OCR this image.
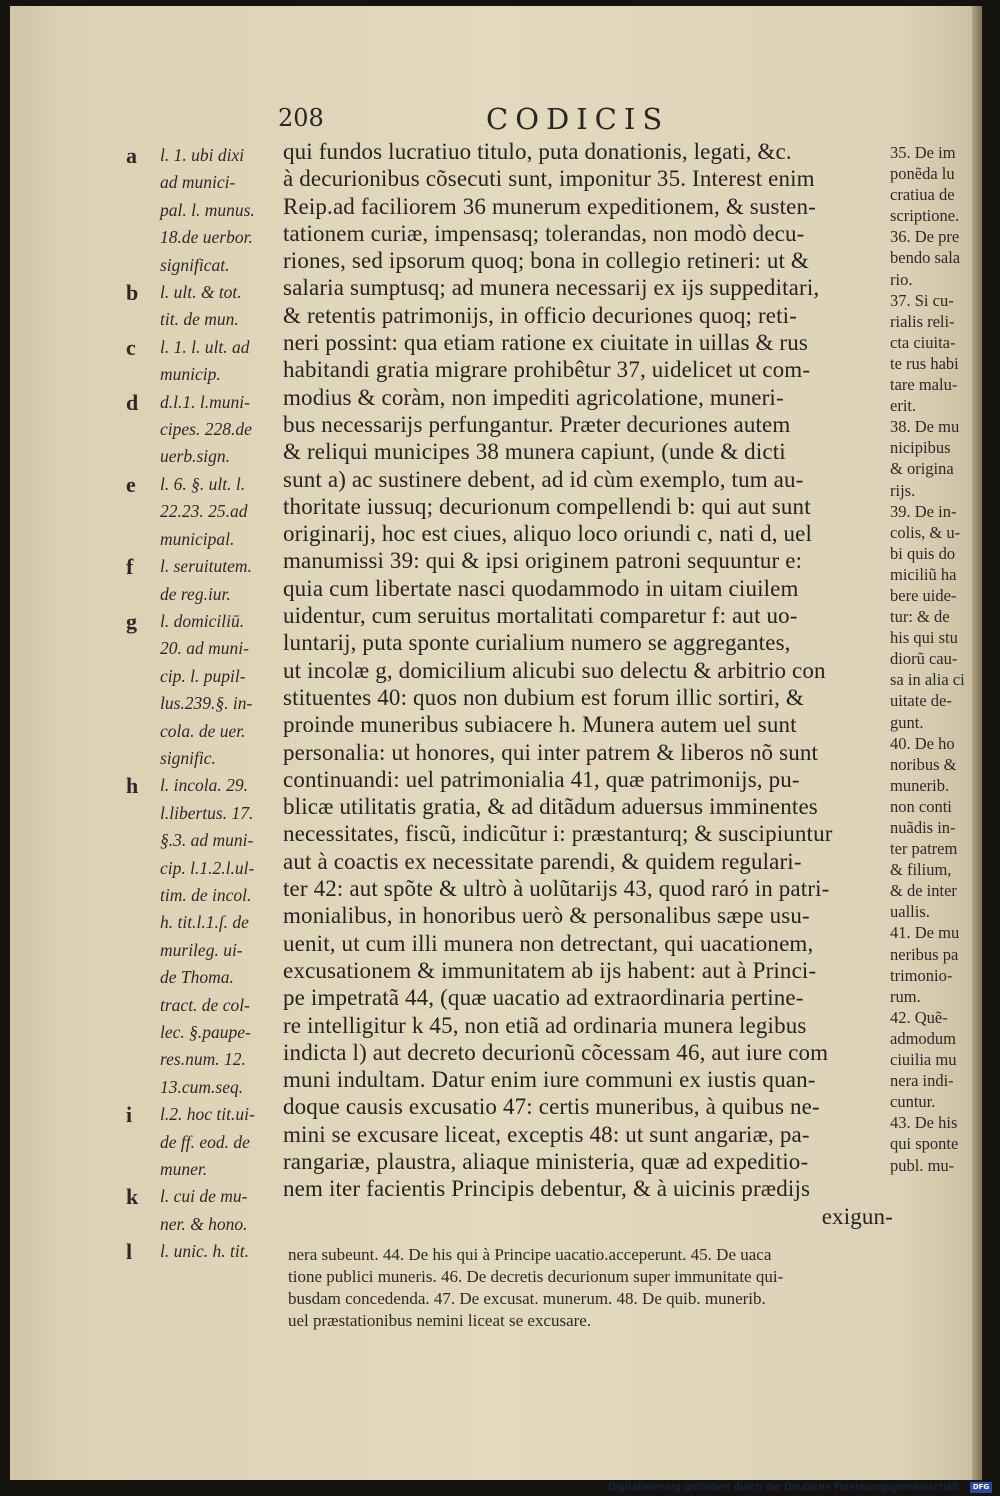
208	CODICIS
a l. 1. ubi dixi
ad munici-
pal. l. munus.
18.de uerbor.
significat.
b l. ult. & tot.
tit. de mun.
c l. 1. l. ult. ad
municip.
d d.l.1. l.muni-
cipes. 228.de
uerb.sign.
e l. 6. §. ult. l.
22.23. 25.ad
municipal.
f l. seruitutem.
de reg.iur.
g l. domiciliū.
20. ad muni-
cip. l. pupil-
lus.239.§. in-
cola. de uer.
signific.
h l. incola. 29.
l.libertus. 17.
§.3. ad muni-
cip. l.1.2.l.ul-
tim. de incol.
h. tit.l.1.ſ. de
murileg. ui-
de Thoma.
tract. de col-
lec. §.paupe-
res.num. 12.
13.cum.seq.
i l.2. hoc tit.ui-
de ff. eod. de
muner.
k l. cui de mu-
ner. & hono.
l l. unic. h. tit.
qui fundos lucratiuo titulo, puta donationis, legati, &c.
à decurionibus cõsecuti sunt, imponitur 35. Interest enim
Reip.ad faciliorem 36 munerum expeditionem, & susten-
tationem curiæ, impensasq; tolerandas, non modò decu-
riones, sed ipsorum quoq; bona in collegio retineri: ut &
salaria sumptusq; ad munera necessarij ex ijs suppeditari,
& retentis patrimonijs, in officio decuriones quoq; reti-
neri possint: qua etiam ratione ex ciuitate in uillas & rus
habitandi gratia migrare prohibêtur 37, uidelicet ut com-
modius & coràm, non impediti agricolatione, muneri-
bus necessarijs perfungantur. Præter decuriones autem
& reliqui municipes 38 munera capiunt, (unde & dicti
sunt a) ac sustinere debent, ad id cùm exemplo, tum au-
thoritate iussuq; decurionum compellendi b: qui aut sunt
originarij, hoc est ciues, aliquo loco oriundi c, nati d, uel
manumissi 39: qui & ipsi originem patroni sequuntur e:
quia cum libertate nasci quodammodo in uitam ciuilem
uidentur, cum seruitus mortalitati comparetur f: aut uo-
luntarij, puta sponte curialium numero se aggregantes,
ut incolæ g, domicilium alicubi suo delectu & arbitrio con
stituentes 40: quos non dubium est forum illic sortiri, &
proinde muneribus subiacere h. Munera autem uel sunt
personalia: ut honores, qui inter patrem & liberos nõ sunt
continuandi: uel patrimonialia 41, quæ patrimonijs, pu-
blicæ utilitatis gratia, & ad ditãdum aduersus imminentes
necessitates, fiscũ, indicũtur i: præstanturq; & suscipiuntur
aut à coactis ex necessitate parendi, & quidem regulari-
ter 42: aut spõte & ultrò à uolũtarijs 43, quod raró in patri-
monialibus, in honoribus uerò & personalibus sæpe usu-
uenit, ut cum illi munera non detrectant, qui uacationem,
excusationem & immunitatem ab ijs habent: aut à Princi-
pe impetratã 44, (quæ uacatio ad extraordinaria pertine-
re intelligitur k 45, non etiã ad ordinaria munera legibus
indicta l) aut decreto decurionũ cõcessam 46, aut iure com
muni indultam. Datur enim iure communi ex iustis quan-
doque causis excusatio 47: certis muneribus, à quibus ne-
mini se excusare liceat, exceptis 48: ut sunt angariæ, pa-
rangariæ, plaustra, aliaque ministeria, quæ ad expeditio-
nem iter facientis Principis debentur, & à uicinis prædijs
exigun-
35. De im
ponẽda lu
cratiua de
scriptione.
36. De pre
bendo sala
rio.
37. Si cu-
rialis reli-
cta ciuita-
te rus habi
tare malu-
erit.
38. De mu
nicipibus
& origina
rijs.
39. De in-
colis, & u-
bi quis do
miciliũ ha
bere uide-
tur: & de
his qui stu
diorũ cau-
sa in alia ci
uitate de-
gunt.
40. De ho
noribus &
munerib.
non conti
nuãdis in-
ter patrem
& filium,
& de inter
uallis.
41. De mu
neribus pa
trimonio-
rum.
42. Quẽ-
admodum
ciuilia mu
nera indi-
cuntur.
43. De his
qui sponte
publ. mu-
nera subeunt. 44. De his qui à Principe uacatio.acceperunt. 45. De uaca
tione publici muneris. 46. De decretis decurionum super immunitate qui-
busdam concedenda. 47. De excusat. munerum. 48. De quib. munerib.
uel præstationibus nemini liceat se excusare.
Digitalisierung gefördert durch die Deutsche Forschungsgemeinschaft - DFG
